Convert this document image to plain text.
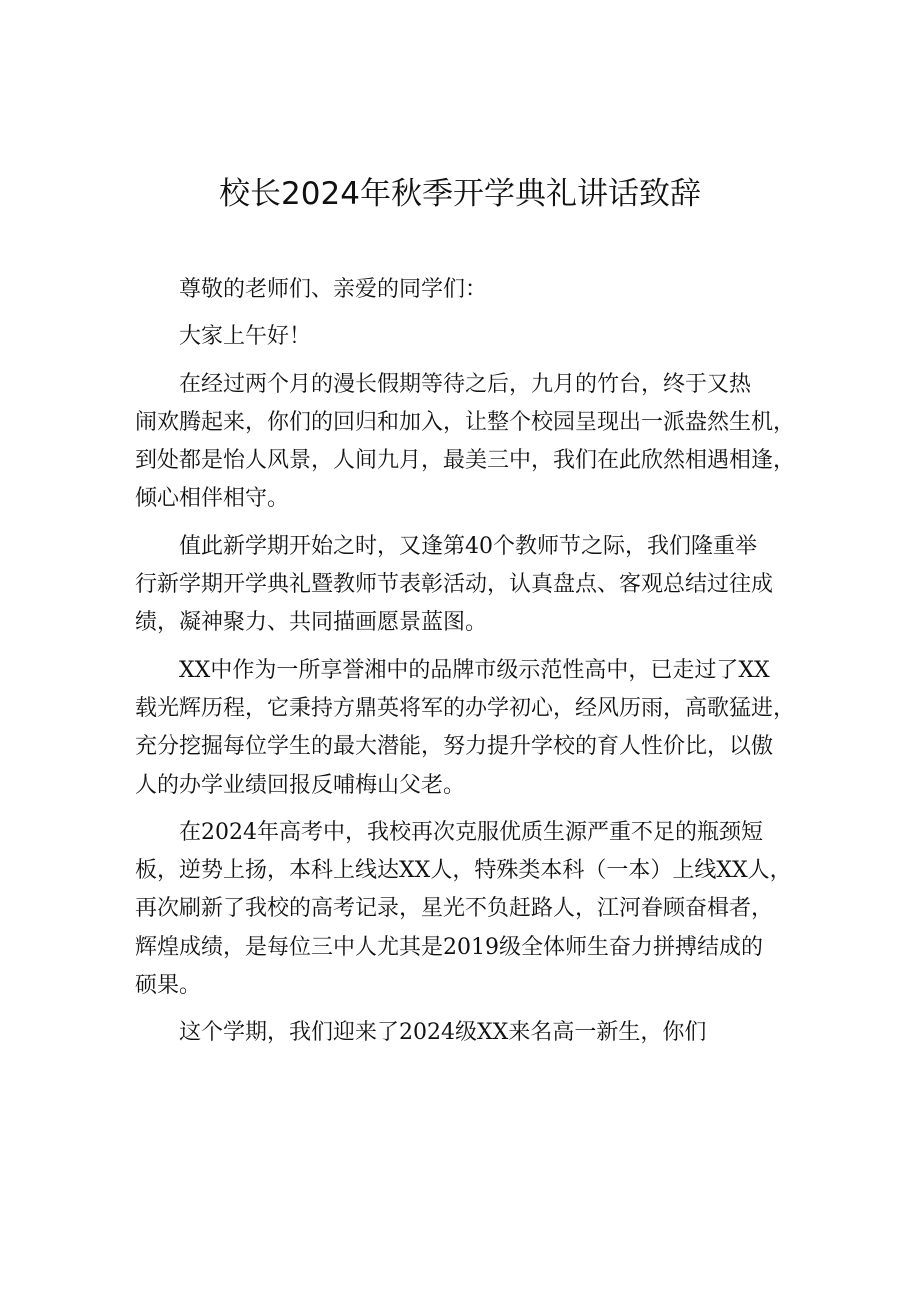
校长2024年秋季开学典礼讲话致辞

尊敬的老师们、亲爱的同学们：

大家上午好！

在经过两个月的漫长假期等待之后，九月的竹台，终于又热
闹欢腾起来，你们的回归和加入，让整个校园呈现出一派盎然生机，
到处都是怡人风景，人间九月，最美三中，我们在此欣然相遇相逢，
倾心相伴相守。

值此新学期开始之时，又逢第40个教师节之际，我们隆重举
行新学期开学典礼暨教师节表彰活动，认真盘点、客观总结过往成
绩，凝神聚力、共同描画愿景蓝图。

XX中作为一所享誉湘中的品牌市级示范性高中，已走过了XX
载光辉历程，它秉持方鼎英将军的办学初心，经风历雨，高歌猛进，
充分挖掘每位学生的最大潜能，努力提升学校的育人性价比，以傲
人的办学业绩回报反哺梅山父老。

在2024年高考中，我校再次克服优质生源严重不足的瓶颈短
板，逆势上扬，本科上线达XX人，特殊类本科（一本）上线XX人，
再次刷新了我校的高考记录，星光不负赶路人，江河眷顾奋楫者，
辉煌成绩，是每位三中人尤其是2019级全体师生奋力拼搏结成的
硕果。

这个学期，我们迎来了2024级XX来名高一新生，你们
